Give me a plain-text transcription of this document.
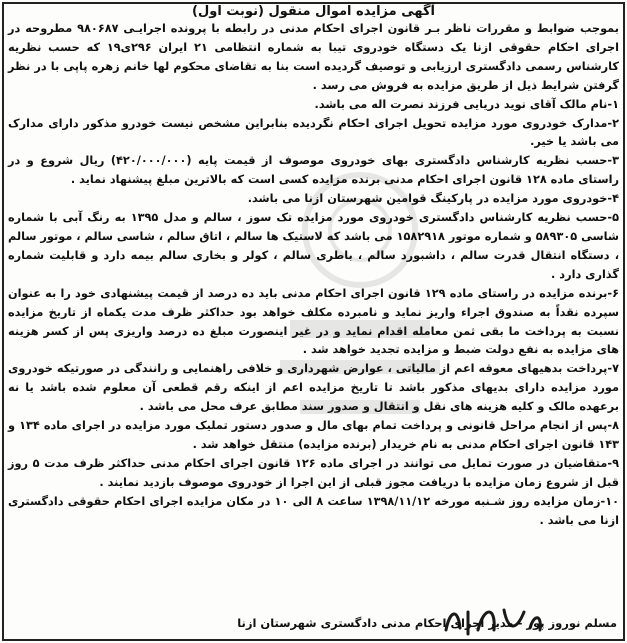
آگهی مزایده اموال منقول (نوبت اول)

بموجب ضوابط و مقررات ناظر بـر قانون اجرای احکام مدنی در رابطه با پرونده اجرایـی ۹۸۰۶۸۷ مطروحه در اجرای احکام حقوقی ازنا یک دستگاه خودروی تیبا به شماره انتظامی ۲۱ ایران ۲۹۶ی۱۹ که حسب نظریه کارشناس رسمی دادگستری ارزیابی و توصیف گردیده است بنا به تقاضای محکوم لها خانم زهره پاپی با در نظر گرفتن شرایط ذیل از طریق مزایده به فروش می رسد .

۱-نام مالک آقای نوید دریایی فرزند نصرت اله می باشد.

۲-مدارک خودروی مورد مزایده تحویل اجرای احکام نگردیده بنابراین مشخص نیست خودرو مذکور دارای مدارک می باشد یا خیر.

۳-حسب نظریه کارشناس دادگستری بهای خودروی موصوف از قیمت پایه (۴۲۰/۰۰۰/۰۰۰) ریال شروع و در راستای ماده ۱۲۸ قانون اجرای احکام مدنی برنده مزایده کسی است که بالاترین مبلغ پیشنهاد نماید .

۴-خودروی مورد مزایده در پارکینگ قوامین شهرستان ازنا می باشد.

۵-حسب نظریه کارشناس دادگستری خودروی مورد مزایده تک سوز ، سالم و مدل ۱۳۹۵ به رنگ آبی با شماره شاسی ۵۸۹۳۰۵ و شماره موتور ۱۵۸۲۹۱۸ می باشد که لاستیک ها سالم ، اتاق سالم ، شاسی سالم ، موتور سالم ، دستگاه انتقال قدرت سالم ، داشبورد سالم ، باطری سالم ، کولر و بخاری سالم بیمه دارد و قابلیت شماره گذاری دارد .

۶-برنده مزایده در راستای ماده ۱۲۹ قانون اجرای احکام مدنی باید ده درصد از قیمت پیشنهادی خود را به عنوان سپرده نقداً به صندوق اجراء واریز نماید و نامبرده مکلف خواهد بود حداکثر ظرف مدت یکماه از تاریخ مزایده نسبت به پرداخت ما بقی ثمن معامله اقدام نماید و در غیر اینصورت مبلغ ده درصد واریزی پس از کسر هزینه های مزایده به نفع دولت ضبط و مزایده تجدید خواهد شد .

۷-پرداخت بدهیهای معوقه اعم از مالیاتی ، عوارض شهرداری و خلافی راهنمایی و رانندگی در صورتیکه خودروی مورد مزایده دارای بدیهای مذکور باشد تا تاریخ مزایده اعم از اینکه رقم قطعی آن معلوم شده باشد یا نه برعهده مالک و کلیه هزینه های نقل و انتقال و صدور سند مطابق عرف محل می باشد .

۸-پس از انجام مراحل قانونی و پرداخت تمام بهای مال و صدور دستور تملیک مورد مزایده در اجرای ماده ۱۳۴ و ۱۴۳ قانون اجرای احکام مدنی به نام خریدار (برنده مزایده) منتقل خواهد شد .

۹-متقاضیان در صورت تمایل می توانند در اجرای ماده ۱۲۶ قانون اجرای احکام مدنی حداکثر ظرف مدت ۵ روز قبل از شروع زمان مزایده با دریافت مجوز قبلی از این اجرا از خودروی موصوف بازدید نمایند .

۱۰-زمان مزایده روز شـنبه مورخه ۱۳۹۸/۱۱/۱۲ ساعت ۸ الی ۱۰ در مکان مزایده اجرای احکام حقوقی دادگستری ازنا می باشد .

مسلم نوروز پور - مدیر اجرای احکام مدنی دادگستری شهرستان ازنا
